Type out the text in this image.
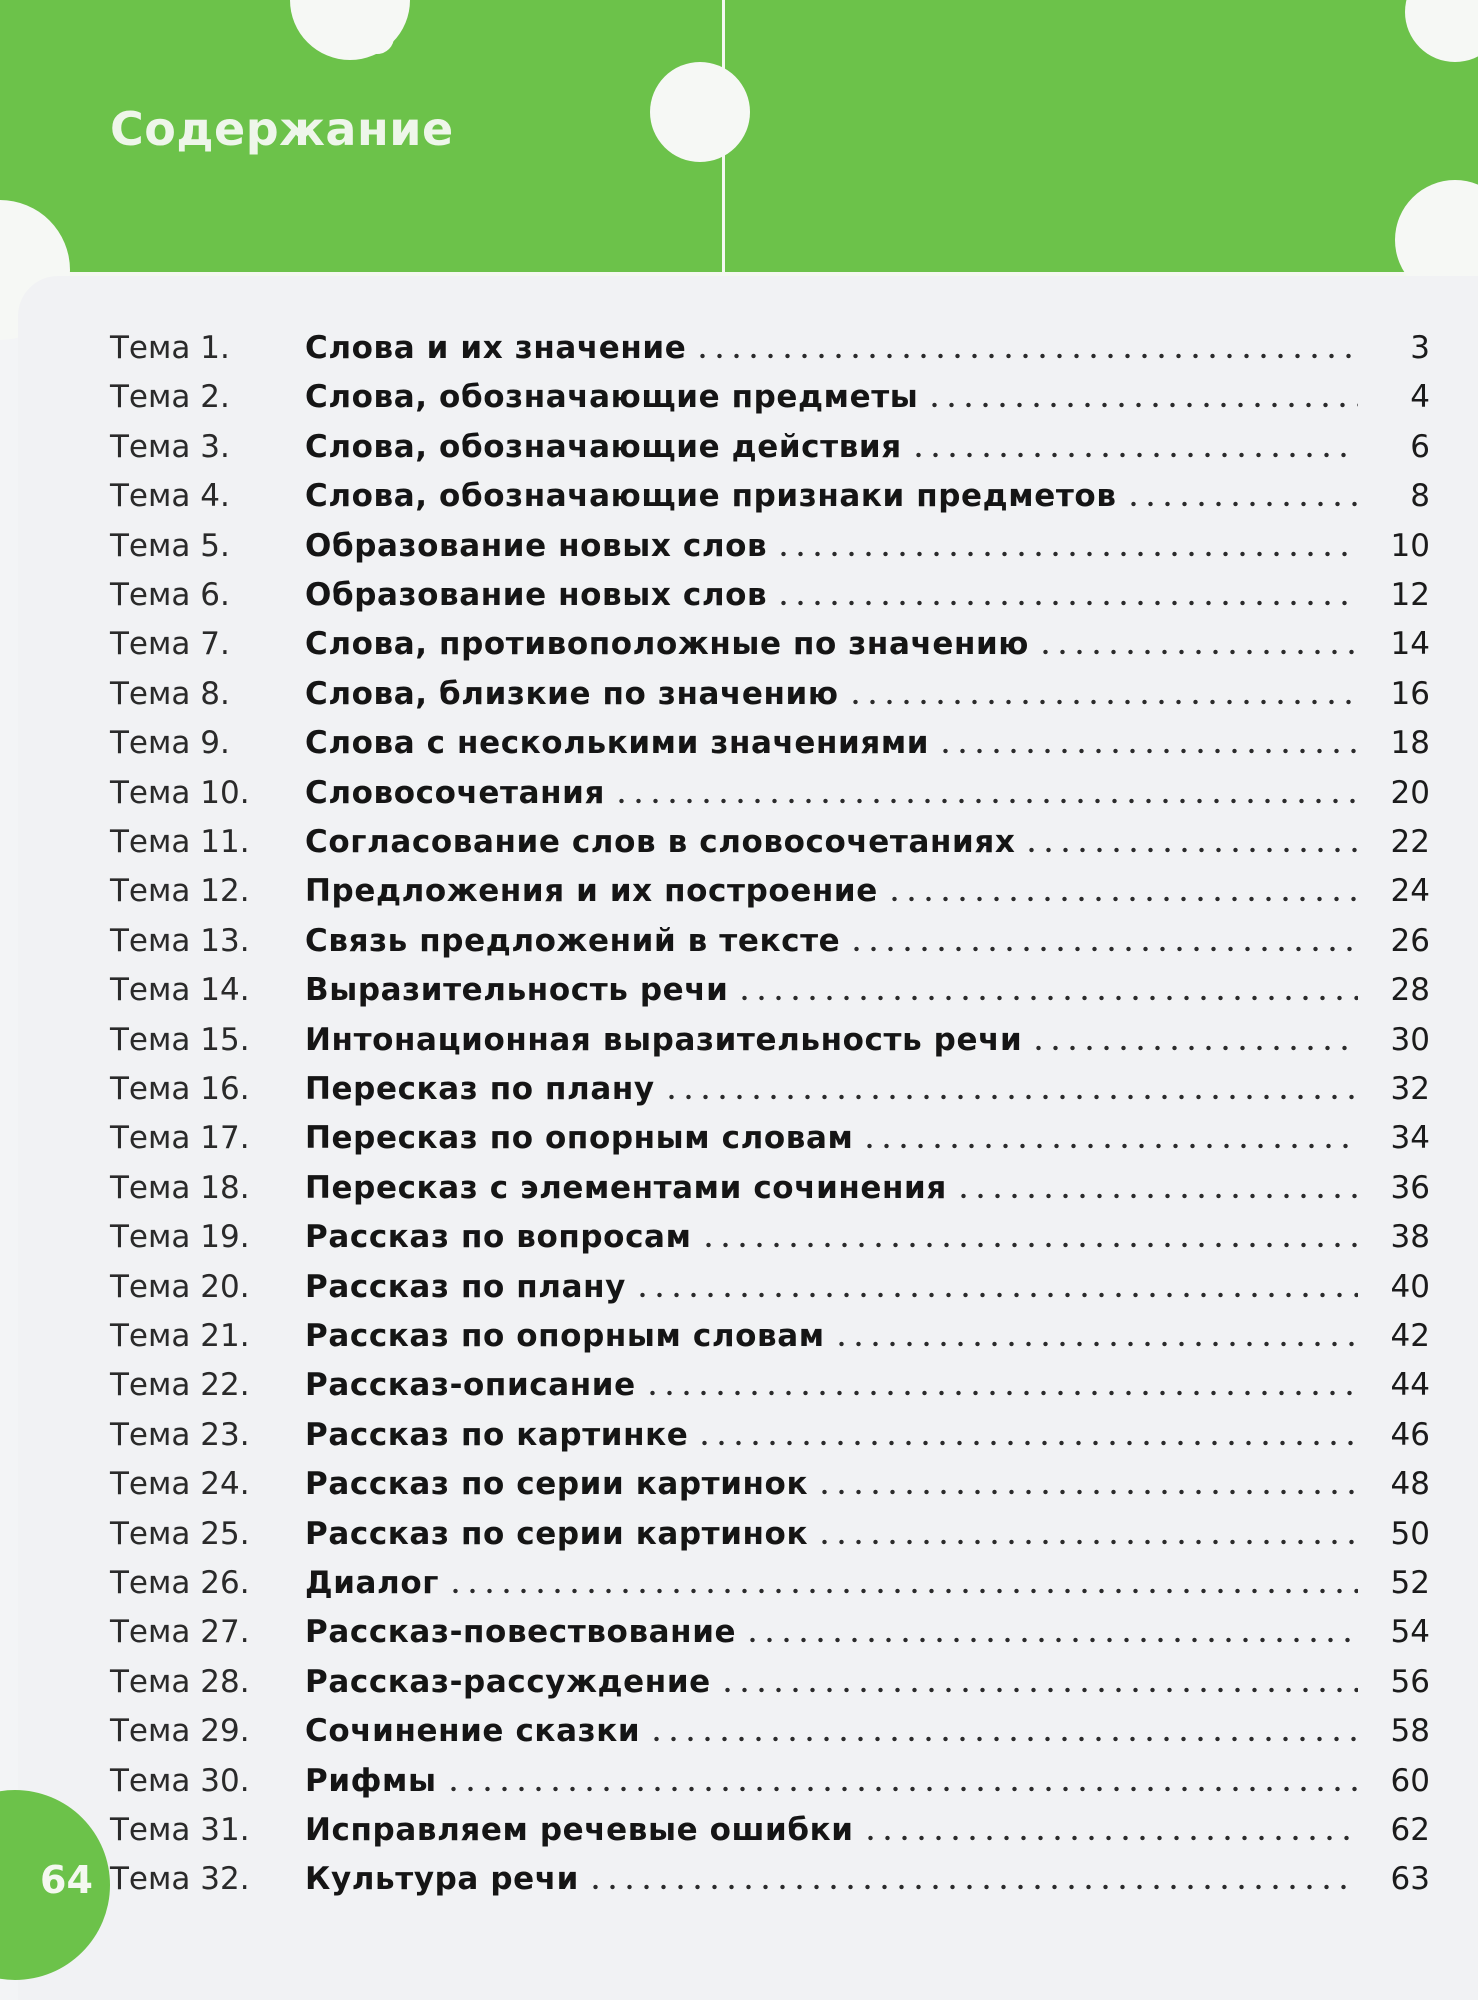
Содержание
Тема 1.	Слова и их значение	3
Тема 2.	Слова, обозначающие предметы	4
Тема 3.	Слова, обозначающие действия	6
Тема 4.	Слова, обозначающие признаки предметов	8
Тема 5.	Образование новых слов	10
Тема 6.	Образование новых слов	12
Тема 7.	Слова, противоположные по значению	14
Тема 8.	Слова, близкие по значению	16
Тема 9.	Слова с несколькими значениями	18
Тема 10.	Словосочетания	20
Тема 11.	Согласование слов в словосочетаниях	22
Тема 12.	Предложения и их построение	24
Тема 13.	Связь предложений в тексте	26
Тема 14.	Выразительность речи	28
Тема 15.	Интонационная выразительность речи	30
Тема 16.	Пересказ по плану	32
Тема 17.	Пересказ по опорным словам	34
Тема 18.	Пересказ с элементами сочинения	36
Тема 19.	Рассказ по вопросам	38
Тема 20.	Рассказ по плану	40
Тема 21.	Рассказ по опорным словам	42
Тема 22.	Рассказ-описание	44
Тема 23.	Рассказ по картинке	46
Тема 24.	Рассказ по серии картинок	48
Тема 25.	Рассказ по серии картинок	50
Тема 26.	Диалог	52
Тема 27.	Рассказ-повествование	54
Тема 28.	Рассказ-рассуждение	56
Тема 29.	Сочинение сказки	58
Тема 30.	Рифмы	60
Тема 31.	Исправляем речевые ошибки	62
Тема 32.	Культура речи	63
64
